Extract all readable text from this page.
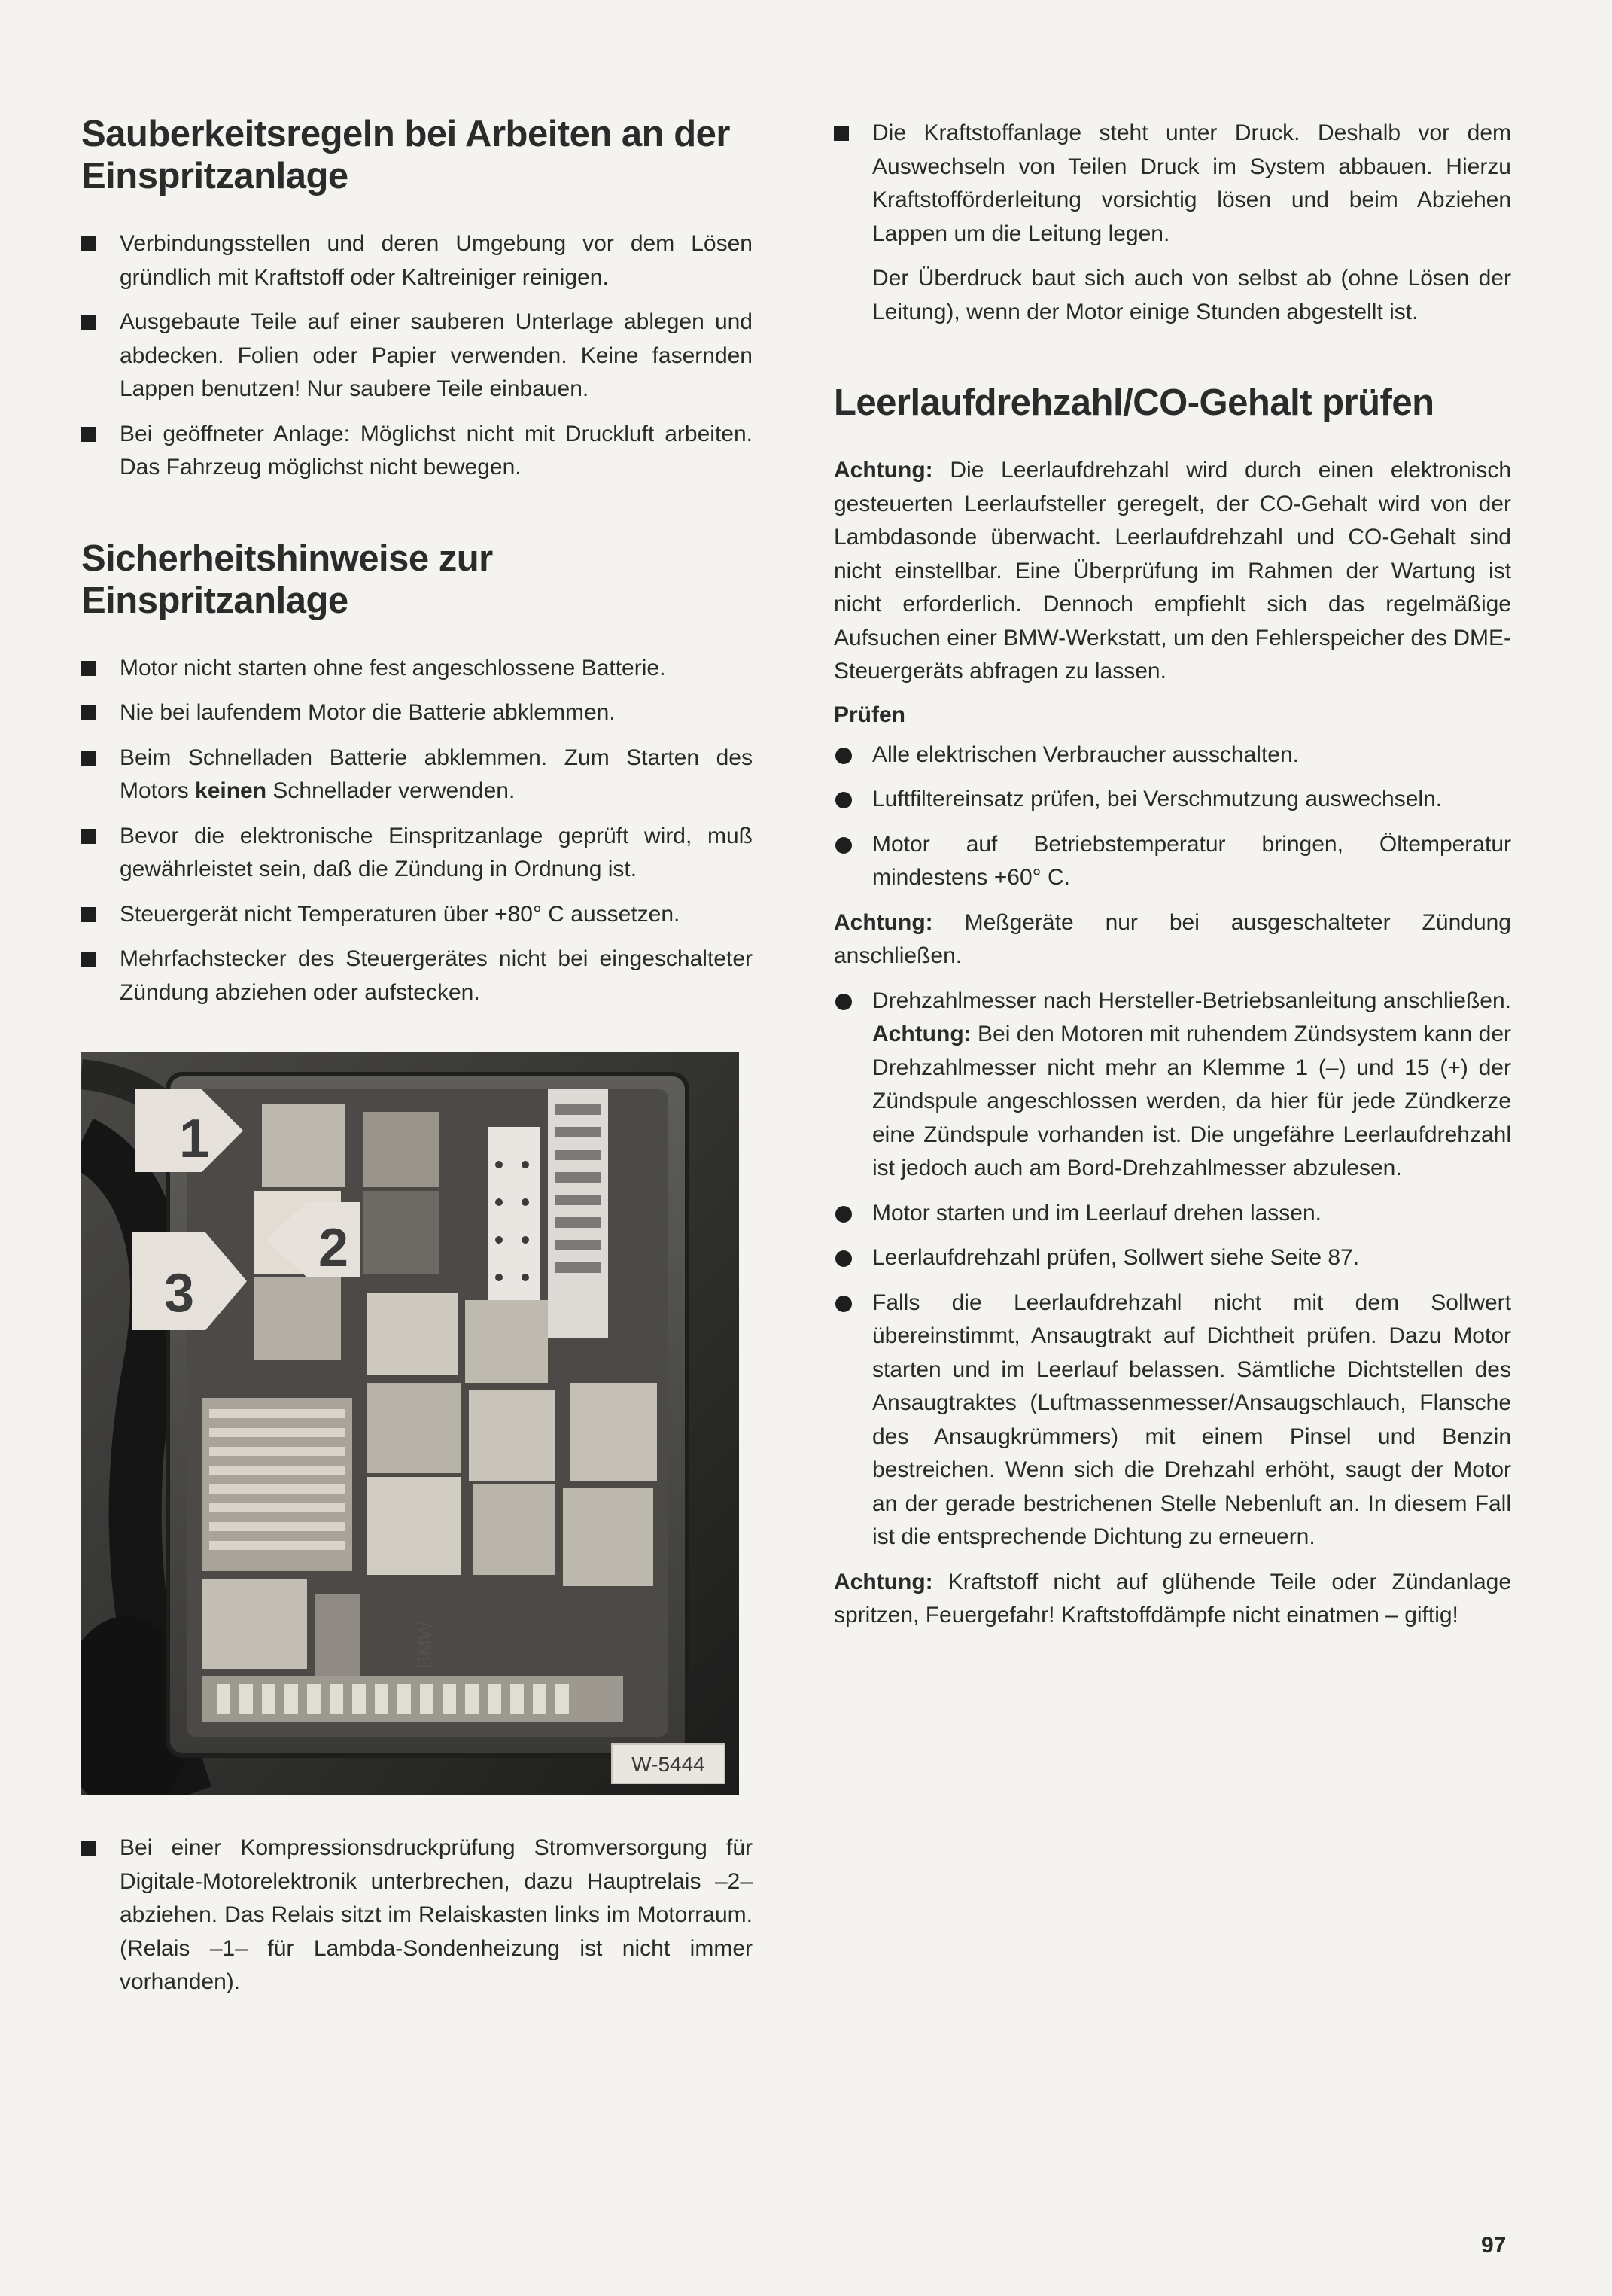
Sauberkeitsregeln bei Arbeiten an der Einspritzanlage

Verbindungsstellen und deren Umgebung vor dem Lösen gründlich mit Kraftstoff oder Kaltreiniger reinigen.

Ausgebaute Teile auf einer sauberen Unterlage ablegen und abdecken. Folien oder Papier verwenden. Keine fasernden Lappen benutzen! Nur saubere Teile einbauen.

Bei geöffneter Anlage: Möglichst nicht mit Druckluft arbeiten. Das Fahrzeug möglichst nicht bewegen.

Sicherheitshinweise zur Einspritzanlage

Motor nicht starten ohne fest angeschlossene Batterie.

Nie bei laufendem Motor die Batterie abklemmen.

Beim Schnelladen Batterie abklemmen. Zum Starten des Motors keinen Schnellader verwenden.

Bevor die elektronische Einspritzanlage geprüft wird, muß gewährleistet sein, daß die Zündung in Ordnung ist.

Steuergerät nicht Temperaturen über +80° C aussetzen.

Mehrfachstecker des Steuergerätes nicht bei eingeschalteter Zündung abziehen oder aufstecken.

1
2
3
BMW
W-5444

Bei einer Kompressionsdruckprüfung Stromversorgung für Digitale-Motorelektronik unterbrechen, dazu Hauptrelais –2– abziehen. Das Relais sitzt im Relaiskasten links im Motorraum. (Relais –1– für Lambda-Sondenheizung ist nicht immer vorhanden).

Die Kraftstoffanlage steht unter Druck. Deshalb vor dem Auswechseln von Teilen Druck im System abbauen. Hierzu Kraftstofförderleitung vorsichtig lösen und beim Abziehen Lappen um die Leitung legen.

Der Überdruck baut sich auch von selbst ab (ohne Lösen der Leitung), wenn der Motor einige Stunden abgestellt ist.

Leerlaufdrehzahl/CO-Gehalt prüfen

Achtung: Die Leerlaufdrehzahl wird durch einen elektronisch gesteuerten Leerlaufsteller geregelt, der CO-Gehalt wird von der Lambdasonde überwacht. Leerlaufdrehzahl und CO-Gehalt sind nicht einstellbar. Eine Überprüfung im Rahmen der Wartung ist nicht erforderlich. Dennoch empfiehlt sich das regelmäßige Aufsuchen einer BMW-Werkstatt, um den Fehlerspeicher des DME-Steuergeräts abfragen zu lassen.

Prüfen

Alle elektrischen Verbraucher ausschalten.

Luftfiltereinsatz prüfen, bei Verschmutzung auswechseln.

Motor auf Betriebstemperatur bringen, Öltemperatur mindestens +60° C.

Achtung: Meßgeräte nur bei ausgeschalteter Zündung anschließen.

Drehzahlmesser nach Hersteller-Betriebsanleitung anschließen. Achtung: Bei den Motoren mit ruhendem Zündsystem kann der Drehzahlmesser nicht mehr an Klemme 1 (–) und 15 (+) der Zündspule angeschlossen werden, da hier für jede Zündkerze eine Zündspule vorhanden ist. Die ungefähre Leerlaufdrehzahl ist jedoch auch am Bord-Drehzahlmesser abzulesen.

Motor starten und im Leerlauf drehen lassen.

Leerlaufdrehzahl prüfen, Sollwert siehe Seite 87.

Falls die Leerlaufdrehzahl nicht mit dem Sollwert übereinstimmt, Ansaugtrakt auf Dichtheit prüfen. Dazu Motor starten und im Leerlauf belassen. Sämtliche Dichtstellen des Ansaugtraktes (Luftmassenmesser/Ansaugschlauch, Flansche des Ansaugkrümmers) mit einem Pinsel und Benzin bestreichen. Wenn sich die Drehzahl erhöht, saugt der Motor an der gerade bestrichenen Stelle Nebenluft an. In diesem Fall ist die entsprechende Dichtung zu erneuern.

Achtung: Kraftstoff nicht auf glühende Teile oder Zündanlage spritzen, Feuergefahr! Kraftstoffdämpfe nicht einatmen – giftig!

97
